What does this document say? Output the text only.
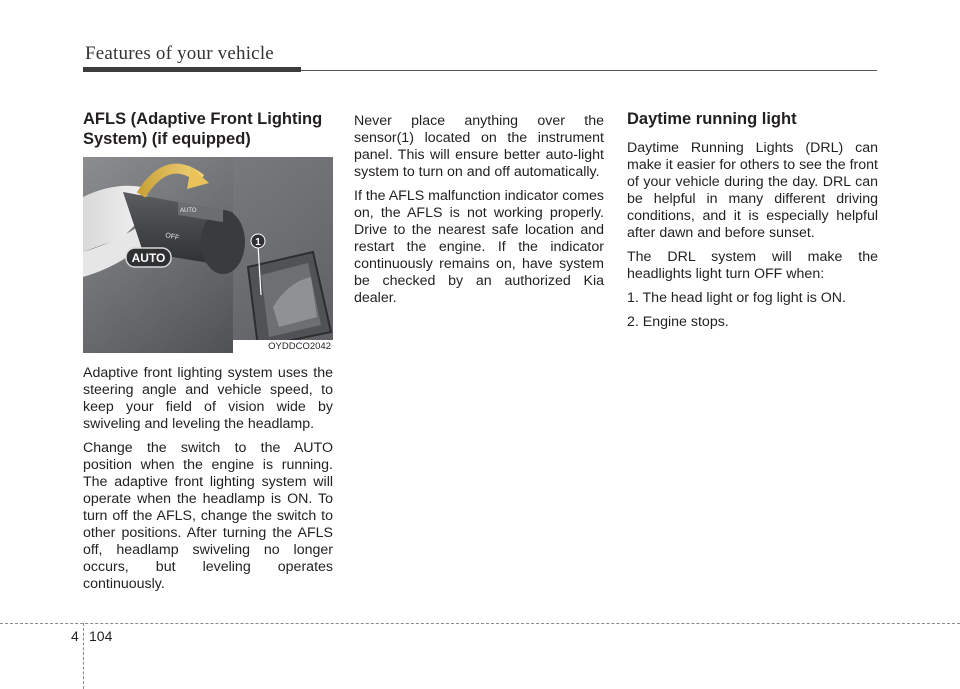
Features of your vehicle
AFLS (Adaptive Front Lighting System) (if equipped)
AUTO
OFF
AUTO
1
OYDDCO2042

Adaptive front lighting system uses the steering angle and vehicle speed, to keep your field of vision wide by swiveling and leveling the headlamp.

Change the switch to the AUTO position when the engine is running. The adaptive front lighting system will operate when the headlamp is ON. To turn off the AFLS, change the switch to other positions. After turning the AFLS off, headlamp swiveling no longer occurs, but leveling operates continuously.

Never place anything over the sensor(1) located on the instrument panel. This will ensure better auto-light system to turn on and off automatically.

If the AFLS malfunction indicator comes on, the AFLS is not working properly. Drive to the nearest safe location and restart the engine. If the indicator continuously remains on, have system be checked by an authorized Kia dealer.

Daytime running light

Daytime Running Lights (DRL) can make it easier for others to see the front of your vehicle during the day. DRL can be helpful in many different driving conditions, and it is especially helpful after dawn and before sunset.

The DRL system will make the headlights light turn OFF when:

1. The head light or fog light is ON.
2. Engine stops.
4 104
